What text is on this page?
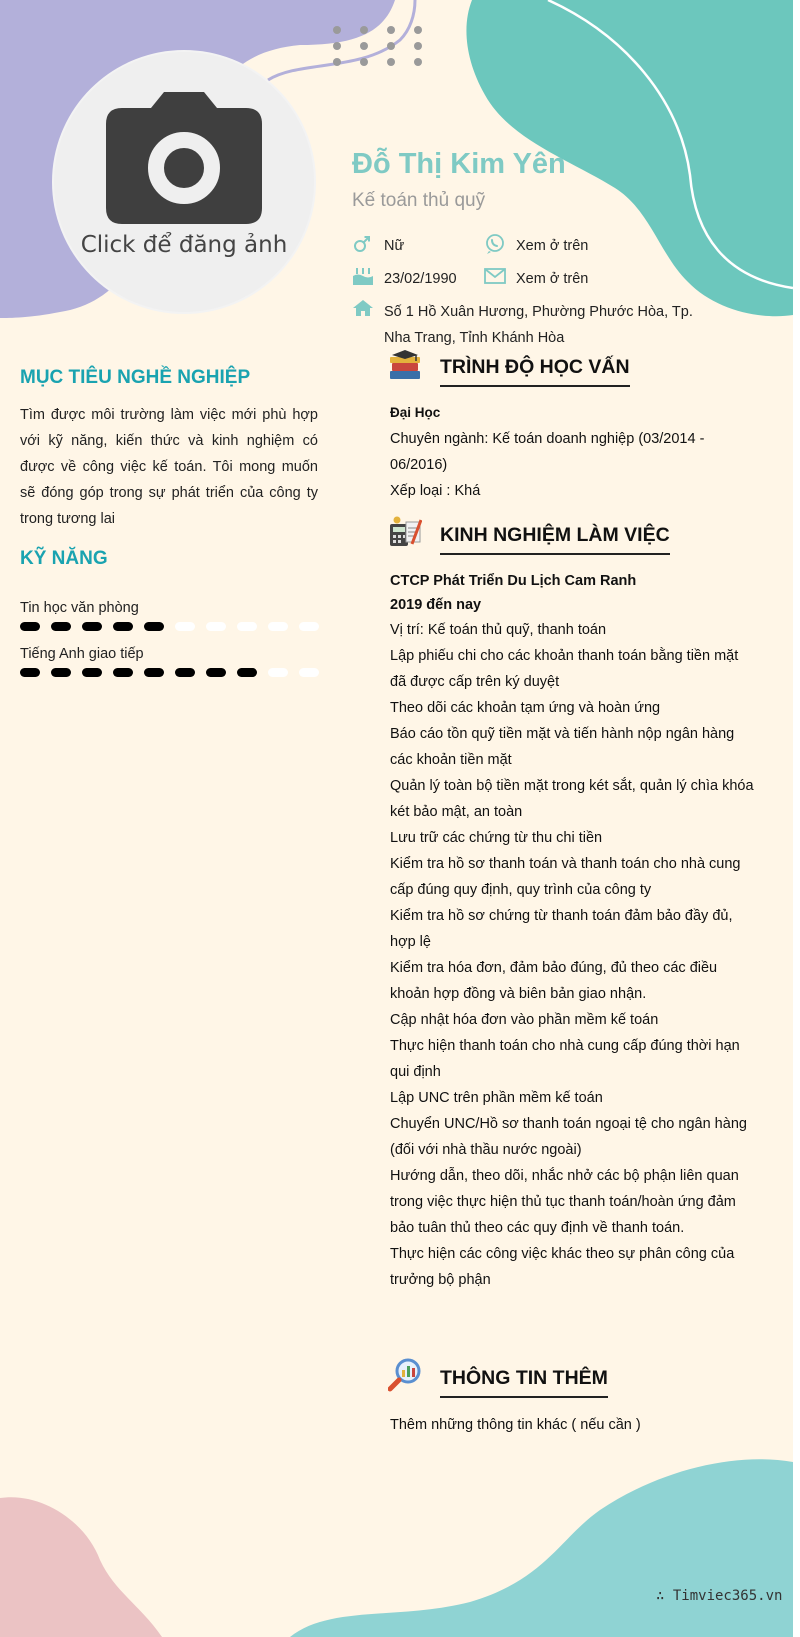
Click để đăng ảnh
Đỗ Thị Kim Yên
Kế toán thủ quỹ
Nữ	Xem ở trên
23/02/1990	Xem ở trên
Số 1 Hồ Xuân Hương, Phường Phước Hòa, Tp.
Nha Trang, Tỉnh Khánh Hòa
MỤC TIÊU NGHỀ NGHIỆP
Tìm được môi trường làm việc mới phù hợp với kỹ năng, kiến thức và kinh nghiệm có được về công việc kế toán. Tôi mong muốn sẽ đóng góp trong sự phát triển của công ty trong tương lai
KỸ NĂNG
Tin học văn phòng
Tiếng Anh giao tiếp
TRÌNH ĐỘ HỌC VẤN
Đại Học
Chuyên ngành: Kế toán doanh nghiệp (03/2014 -
06/2016)
Xếp loại : Khá
KINH NGHIỆM LÀM VIỆC
CTCP Phát Triển Du Lịch Cam Ranh
2019 đến nay
Vị trí: Kế toán thủ quỹ, thanh toán
Lập phiếu chi cho các khoản thanh toán bằng tiền mặt
đã được cấp trên ký duyệt
Theo dõi các khoản tạm ứng và hoàn ứng
Báo cáo tồn quỹ tiền mặt và tiến hành nộp ngân hàng
các khoản tiền mặt
Quản lý toàn bộ tiền mặt trong két sắt, quản lý chìa khóa
két bảo mật, an toàn
Lưu trữ các chứng từ thu chi tiền
Kiểm tra hồ sơ thanh toán và thanh toán cho nhà cung
cấp đúng quy định, quy trình của công ty
Kiểm tra hồ sơ chứng từ thanh toán đảm bảo đầy đủ,
hợp lệ
Kiểm tra hóa đơn, đảm bảo đúng, đủ theo các điều
khoản hợp đồng và biên bản giao nhận.
Cập nhật hóa đơn vào phần mềm kế toán
Thực hiện thanh toán cho nhà cung cấp đúng thời hạn
qui định
Lập UNC trên phần mềm kế toán
Chuyển UNC/Hồ sơ thanh toán ngoại tệ cho ngân hàng
(đối với nhà thầu nước ngoài)
Hướng dẫn, theo dõi, nhắc nhở các bộ phận liên quan
trong việc thực hiện thủ tục thanh toán/hoàn ứng đảm
bảo tuân thủ theo các quy định về thanh toán.
Thực hiện các công việc khác theo sự phân công của
trưởng bộ phận
THÔNG TIN THÊM
Thêm những thông tin khác ( nếu cần )
∴ Timviec365.vn
